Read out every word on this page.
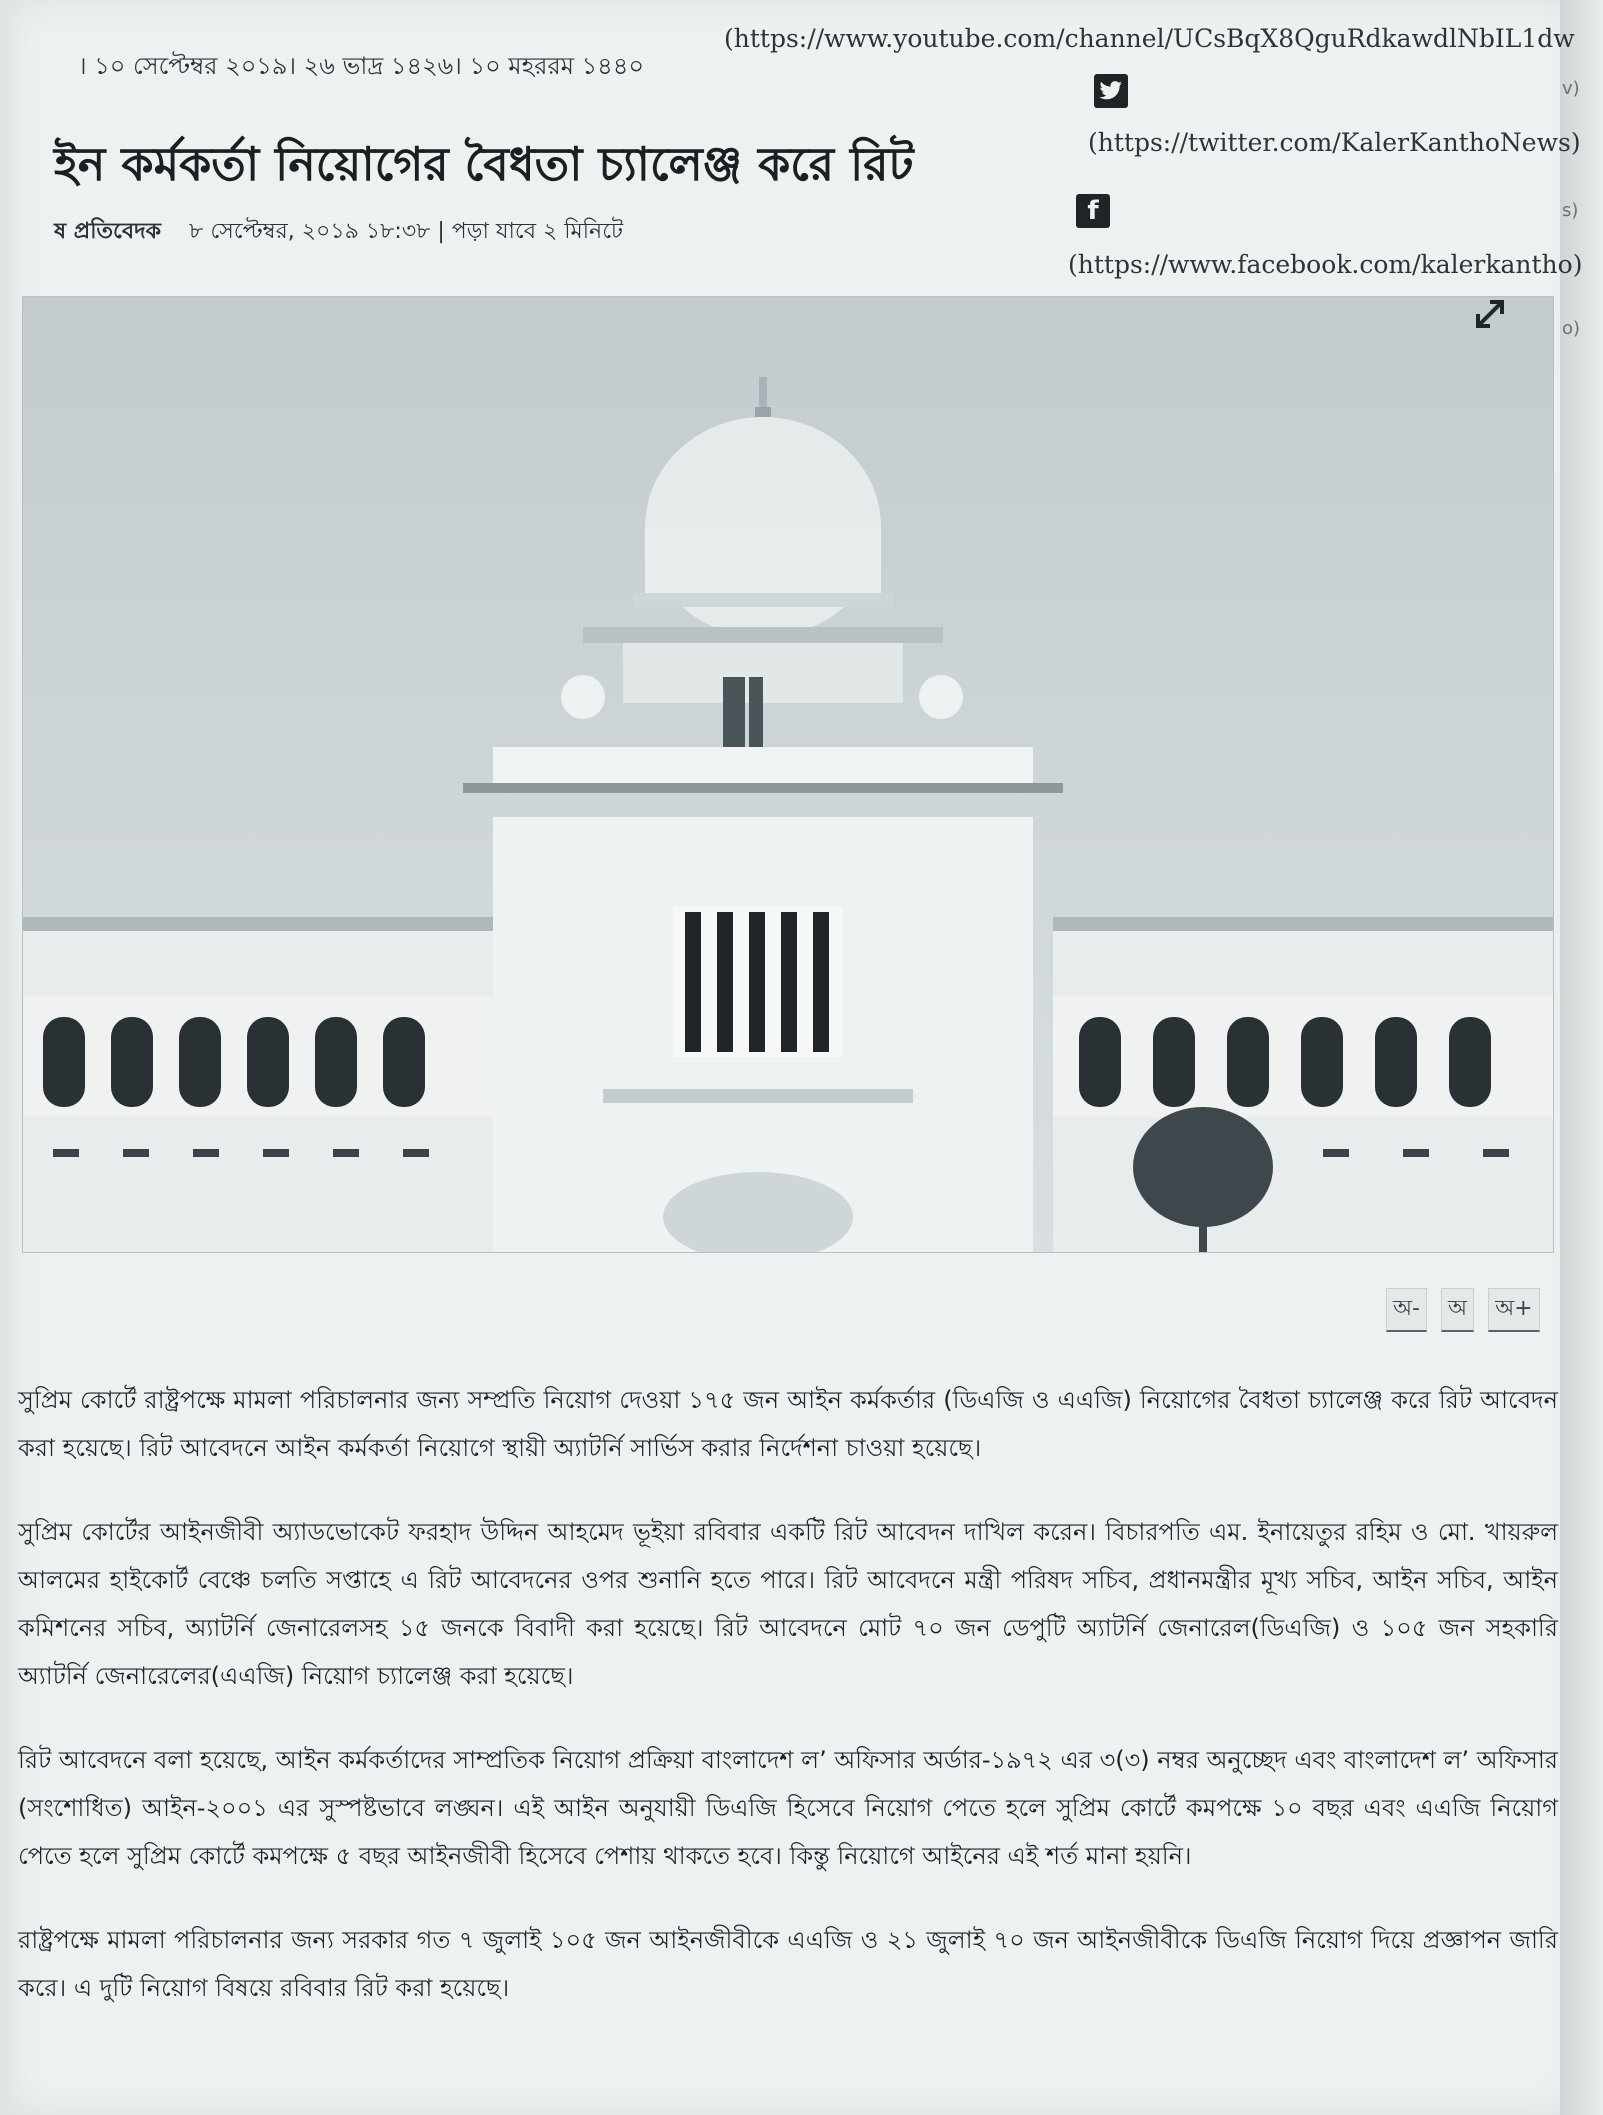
v)
s)
o)
। ১০ সেপ্টেম্বর ২০১৯। ২৬ ভাদ্র ১৪২৬। ১০ মহররম ১৪৪০
(https://www.youtube.com/channel/UCsBqX8QguRdkawdlNbIL1dw
(https://twitter.com/KalerKanthoNews)
f
(https://www.facebook.com/kalerkantho)
ইন কর্মকর্তা নিয়োগের বৈধতা চ্যালেঞ্জ করে রিট
ষ প্রতিবেদক ৮ সেপ্টেম্বর, ২০১৯ ১৮:৩৮ | পড়া যাবে ২ মিনিটে
অ-	অ	অ+

সুপ্রিম কোর্টে রাষ্ট্রপক্ষে মামলা পরিচালনার জন্য সম্প্রতি নিয়োগ দেওয়া ১৭৫ জন আইন কর্মকর্তার (ডিএজি ও এএজি) নিয়োগের বৈধতা চ্যালেঞ্জ করে রিট আবেদন করা হয়েছে। রিট আবেদনে আইন কর্মকর্তা নিয়োগে স্থায়ী অ্যাটর্নি সার্ভিস করার নির্দেশনা চাওয়া হয়েছে।

সুপ্রিম কোর্টের আইনজীবী অ্যাডভোকেট ফরহাদ উদ্দিন আহমেদ ভূইয়া রবিবার একটি রিট আবেদন দাখিল করেন। বিচারপতি এম. ইনায়েতুর রহিম ও মো. খায়রুল আলমের হাইকোর্ট বেঞ্চে চলতি সপ্তাহে এ রিট আবেদনের ওপর শুনানি হতে পারে। রিট আবেদনে মন্ত্রী পরিষদ সচিব, প্রধানমন্ত্রীর মূখ্য সচিব, আইন সচিব, আইন কমিশনের সচিব, অ্যাটর্নি জেনারেলসহ ১৫ জনকে বিবাদী করা হয়েছে। রিট আবেদনে মোট ৭০ জন ডেপুটি অ্যাটর্নি জেনারেল(ডিএজি) ও ১০৫ জন সহকারি অ্যাটর্নি জেনারেলের(এএজি) নিয়োগ চ্যালেঞ্জ করা হয়েছে।

রিট আবেদনে বলা হয়েছে, আইন কর্মকর্তাদের সাম্প্রতিক নিয়োগ প্রক্রিয়া বাংলাদেশ ল’ অফিসার অর্ডার-১৯৭২ এর ৩(৩) নম্বর অনুচ্ছেদ এবং বাংলাদেশ ল’ অফিসার (সংশোধিত) আইন-২০০১ এর সুস্পষ্টভাবে লঙ্ঘন। এই আইন অনুযায়ী ডিএজি হিসেবে নিয়োগ পেতে হলে সুপ্রিম কোর্টে কমপক্ষে ১০ বছর এবং এএজি নিয়োগ পেতে হলে সুপ্রিম কোর্টে কমপক্ষে ৫ বছর আইনজীবী হিসেবে পেশায় থাকতে হবে। কিন্তু নিয়োগে আইনের এই শর্ত মানা হয়নি।

রাষ্ট্রপক্ষে মামলা পরিচালনার জন্য সরকার গত ৭ জুলাই ১০৫ জন আইনজীবীকে এএজি ও ২১ জুলাই ৭০ জন আইনজীবীকে ডিএজি নিয়োগ দিয়ে প্রজ্ঞাপন জারি করে। এ দুটি নিয়োগ বিষয়ে রবিবার রিট করা হয়েছে।
